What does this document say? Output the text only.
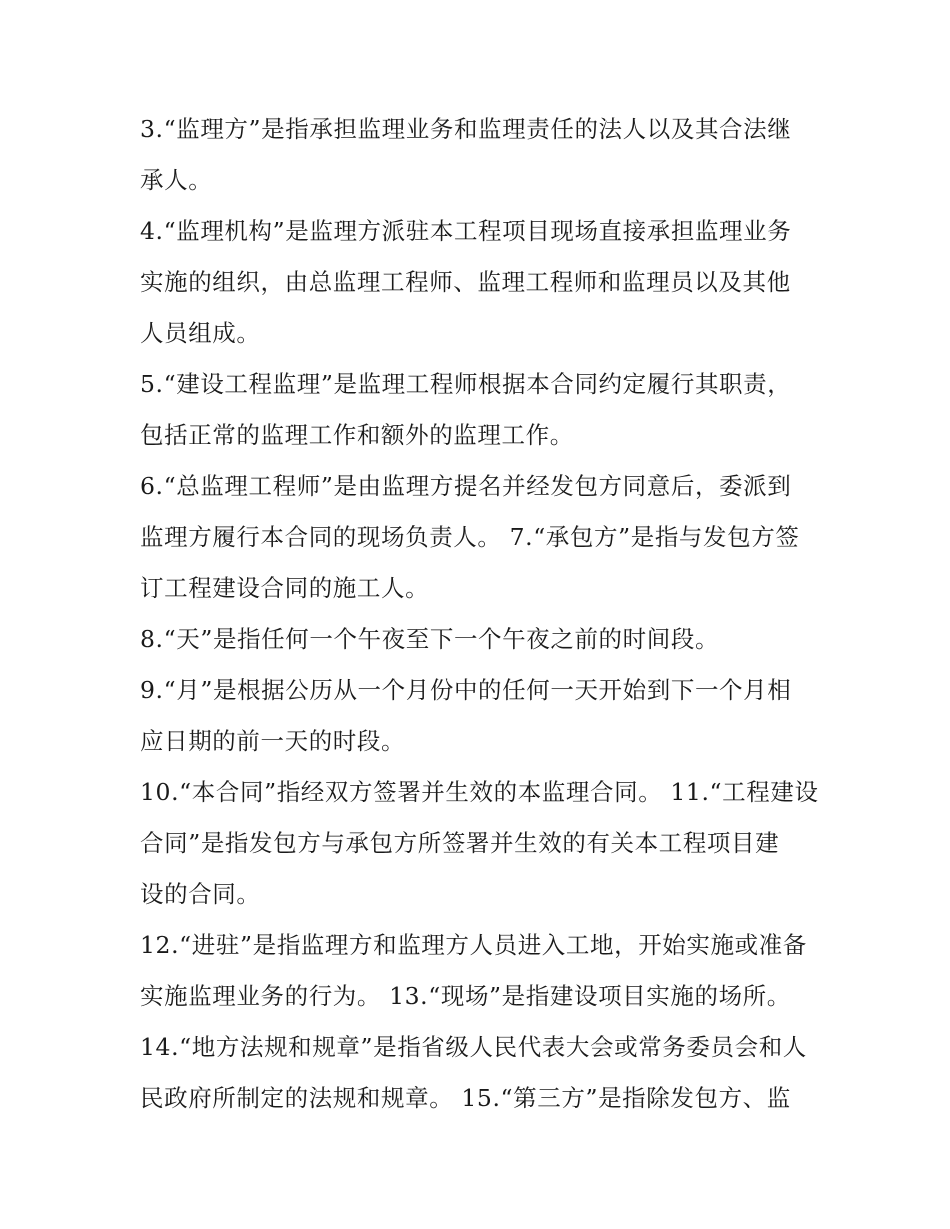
3.“监理方”是指承担监理业务和监理责任的法人以及其合法继
承人。
4.“监理机构”是监理方派驻本工程项目现场直接承担监理业务
实施的组织，由总监理工程师、监理工程师和监理员以及其他
人员组成。
5.“建设工程监理”是监理工程师根据本合同约定履行其职责，
包括正常的监理工作和额外的监理工作。
6.“总监理工程师”是由监理方提名并经发包方同意后，委派到
监理方履行本合同的现场负责人。 7.“承包方”是指与发包方签
订工程建设合同的施工人。
8.“天”是指任何一个午夜至下一个午夜之前的时间段。
9.“月”是根据公历从一个月份中的任何一天开始到下一个月相
应日期的前一天的时段。
10.“本合同”指经双方签署并生效的本监理合同。 11.“工程建设
合同”是指发包方与承包方所签署并生效的有关本工程项目建
设的合同。
12.“进驻”是指监理方和监理方人员进入工地，开始实施或准备
实施监理业务的行为。 13.“现场”是指建设项目实施的场所。
14.“地方法规和规章”是指省级人民代表大会或常务委员会和人
民政府所制定的法规和规章。 15.“第三方”是指除发包方、监
